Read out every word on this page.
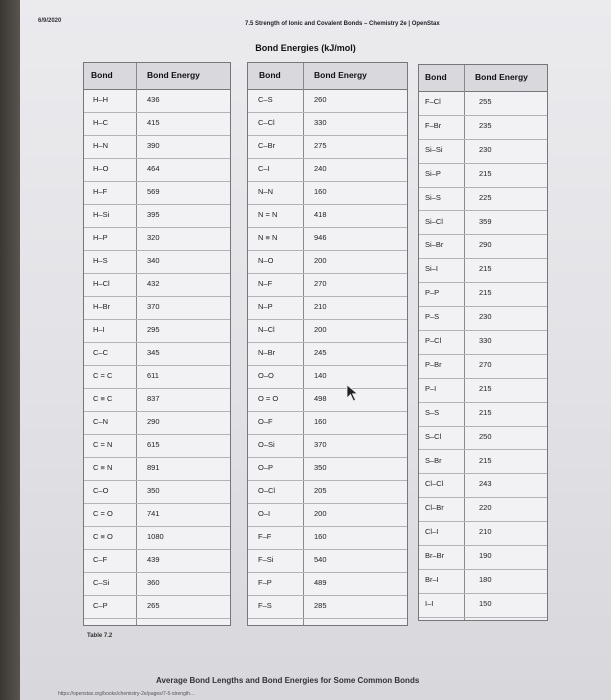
6/9/2020	7.5 Strength of Ionic and Covalent Bonds – Chemistry 2e | OpenStax
Bond Energies (kJ/mol)
Bond	Bond Energy
H–H	436
H–C	415
H–N	390
H–O	464
H–F	569
H–Si	395
H–P	320
H–S	340
H–Cl	432
H–Br	370
H–I	295
C–C	345
C = C	611
C ≡ C	837
C–N	290
C = N	615
C ≡ N	891
C–O	350
C = O	741
C ≡ O	1080
C–F	439
C–Si	360
C–P	265
Bond	Bond Energy
C–S	260
C–Cl	330
C–Br	275
C–I	240
N–N	160
N = N	418
N ≡ N	946
N–O	200
N–F	270
N–P	210
N–Cl	200
N–Br	245
O–O	140
O = O	498
O–F	160
O–Si	370
O–P	350
O–Cl	205
O–I	200
F–F	160
F–Si	540
F–P	489
F–S	285
Bond	Bond Energy
F–Cl	255
F–Br	235
Si–Si	230
Si–P	215
Si–S	225
Si–Cl	359
Si–Br	290
Si–I	215
P–P	215
P–S	230
P–Cl	330
P–Br	270
P–I	215
S–S	215
S–Cl	250
S–Br	215
Cl–Cl	243
Cl–Br	220
Cl–I	210
Br–Br	190
Br–I	180
I–I	150
Table 7.2
Average Bond Lengths and Bond Energies for Some Common Bonds
https://openstax.org/books/chemistry-2e/pages/7-5-strength...
